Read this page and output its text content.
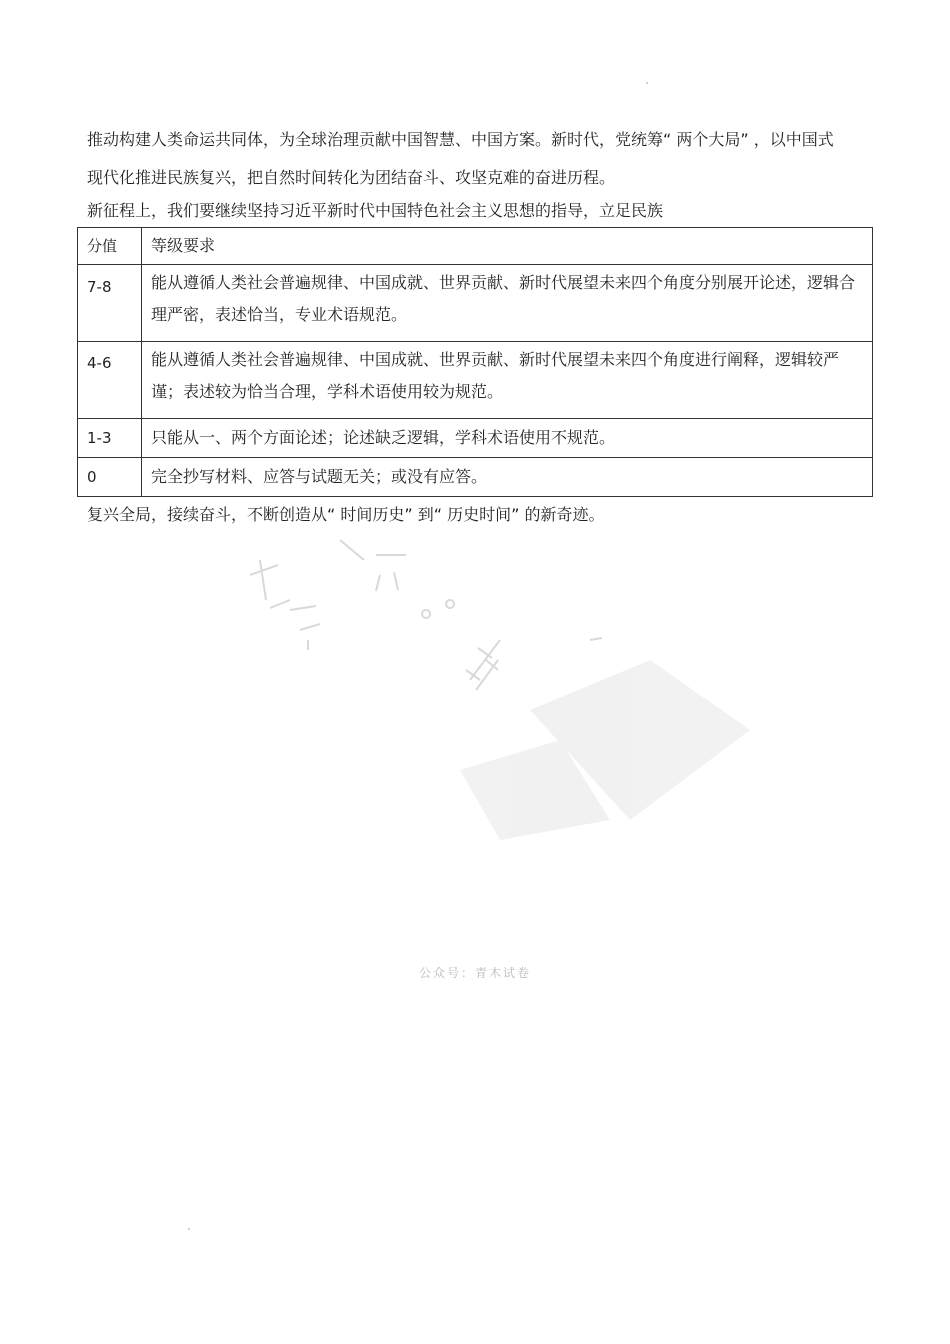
推动构建人类命运共同体，为全球治理贡献中国智慧、中国方案。新时代，党统筹“ 两个大局” ，以中国式
现代化推进民族复兴，把自然时间转化为团结奋斗、攻坚克难的奋进历程。
新征程上，我们要继续坚持习近平新时代中国特色社会主义思想的指导，立足民族
分值	等级要求

7-8	能从遵循人类社会普遍规律、中国成就、世界贡献、新时代展望未来四个角度分别展开论述，逻辑合理严密，表述恰当，专业术语规范。

4-6	能从遵循人类社会普遍规律、中国成就、世界贡献、新时代展望未来四个角度进行阐释，逻辑较严谨；表述较为恰当合理，学科术语使用较为规范。

1-3	只能从一、两个方面论述；论述缺乏逻辑，学科术语使用不规范。

0	完全抄写材料、应答与试题无关；或没有应答。
复兴全局，接续奋斗，不断创造从“ 时间历史” 到“ 历史时间” 的新奇迹。
公众号：青木试卷
